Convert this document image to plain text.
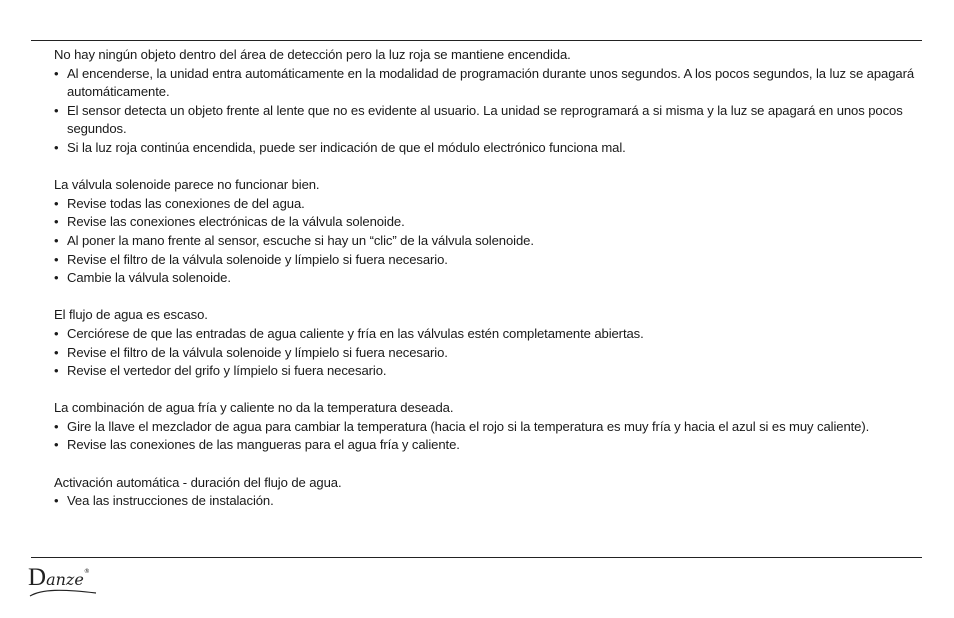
No hay ningún objeto dentro del área de detección pero la luz roja se mantiene encendida.
• Al encenderse, la unidad entra automáticamente en la modalidad de programación durante unos segundos. A los pocos segundos, la luz se apagará automáticamente.
• El sensor detecta un objeto frente al lente que no es evidente al usuario. La unidad se reprogramará a si misma y la luz se apagará en unos pocos segundos.
• Si la luz roja continúa encendida, puede ser indicación de que el módulo electrónico funciona mal.
La válvula solenoide parece no funcionar bien.
• Revise todas las conexiones de del agua.
• Revise las conexiones electrónicas de la válvula solenoide.
• Al poner la mano frente al sensor, escuche si hay un “clic” de la válvula solenoide.
• Revise el filtro de la válvula solenoide y límpielo si fuera necesario.
• Cambie la válvula solenoide.
El flujo de agua es escaso.
• Cerciórese de que las entradas de agua caliente y fría en las válvulas estén completamente abiertas.
• Revise el filtro de la válvula solenoide y límpielo si fuera necesario.
• Revise el vertedor del grifo y límpielo si fuera necesario.
La combinación de agua fría y caliente no da la temperatura deseada.
• Gire la llave el mezclador de agua para cambiar la temperatura (hacia el rojo si la temperatura es muy fría y hacia el azul si es muy caliente).
• Revise las conexiones de las mangueras para el agua fría y caliente.
Activación automática - duración del flujo de agua.
• Vea las instrucciones de instalación.
Danze®
